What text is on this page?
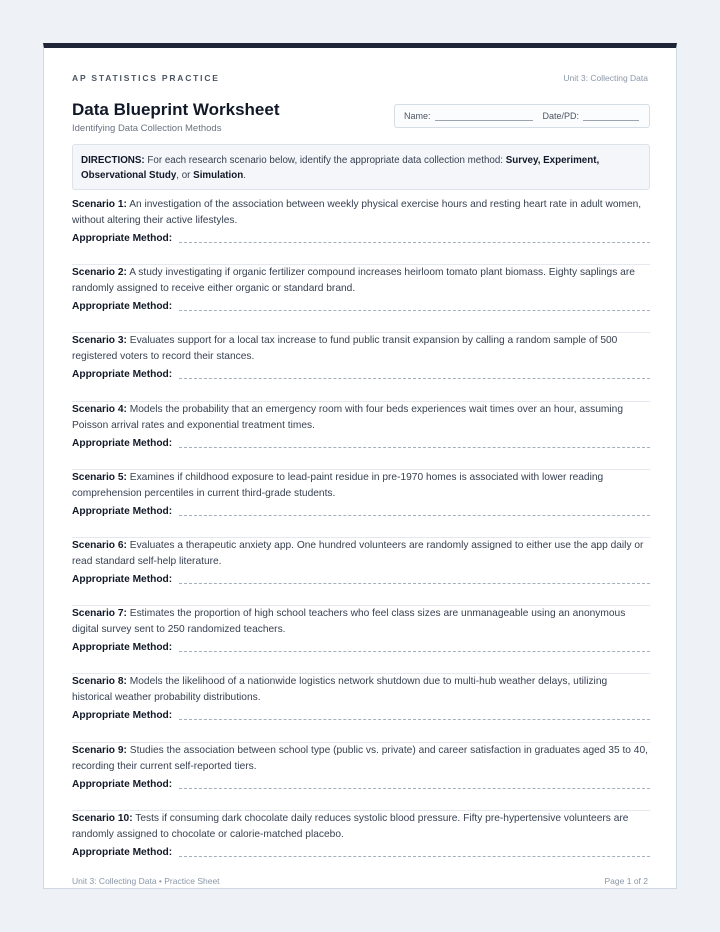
AP STATISTICS PRACTICE	Unit 3: Collecting Data
Data Blueprint Worksheet
Identifying Data Collection Methods
Name:	Date/PD:
DIRECTIONS: For each research scenario below, identify the appropriate data collection method: Survey, Experiment, Observational Study, or Simulation.
Scenario 1: An investigation of the association between weekly physical exercise hours and resting heart rate in adult women, without altering their active lifestyles.
Appropriate Method:
Scenario 2: A study investigating if organic fertilizer compound increases heirloom tomato plant biomass. Eighty saplings are randomly assigned to receive either organic or standard brand.
Appropriate Method:
Scenario 3: Evaluates support for a local tax increase to fund public transit expansion by calling a random sample of 500 registered voters to record their stances.
Appropriate Method:
Scenario 4: Models the probability that an emergency room with four beds experiences wait times over an hour, assuming Poisson arrival rates and exponential treatment times.
Appropriate Method:
Scenario 5: Examines if childhood exposure to lead-paint residue in pre-1970 homes is associated with lower reading comprehension percentiles in current third-grade students.
Appropriate Method:
Scenario 6: Evaluates a therapeutic anxiety app. One hundred volunteers are randomly assigned to either use the app daily or read standard self-help literature.
Appropriate Method:
Scenario 7: Estimates the proportion of high school teachers who feel class sizes are unmanageable using an anonymous digital survey sent to 250 randomized teachers.
Appropriate Method:
Scenario 8: Models the likelihood of a nationwide logistics network shutdown due to multi-hub weather delays, utilizing historical weather probability distributions.
Appropriate Method:
Scenario 9: Studies the association between school type (public vs. private) and career satisfaction in graduates aged 35 to 40, recording their current self-reported tiers.
Appropriate Method:
Scenario 10: Tests if consuming dark chocolate daily reduces systolic blood pressure. Fifty pre-hypertensive volunteers are randomly assigned to chocolate or calorie-matched placebo.
Appropriate Method:
Unit 3: Collecting Data • Practice Sheet	Page 1 of 2
